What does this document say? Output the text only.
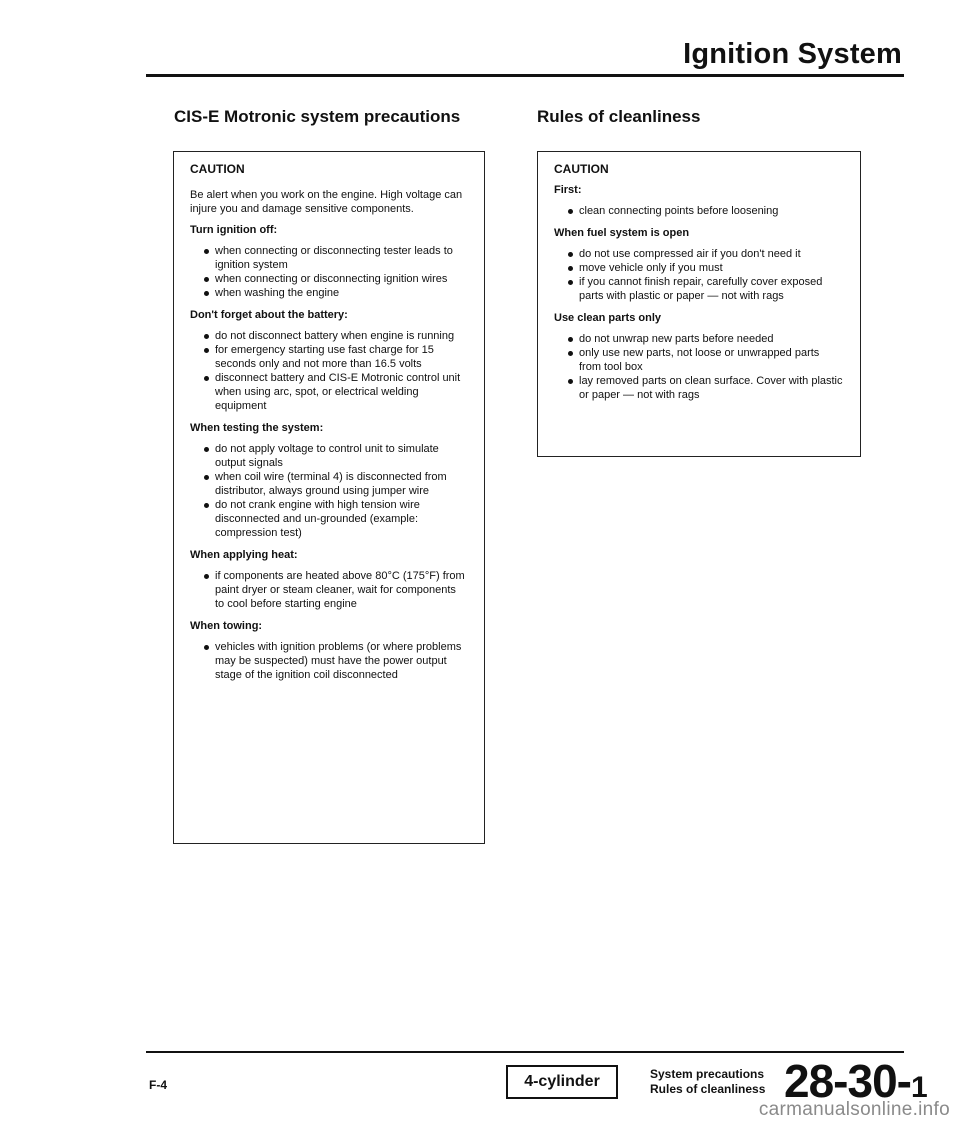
Ignition System
CIS-E Motronic system precautions	Rules of cleanliness
CAUTION

Be alert when you work on the engine. High voltage can injure you and damage sensitive components.

Turn ignition off:
when connecting or disconnecting tester leads to ignition system
when connecting or disconnecting ignition wires
when washing the engine
Don't forget about the battery:
do not disconnect battery when engine is running
for emergency starting use fast charge for 15 seconds only and not more than 16.5 volts
disconnect battery and CIS-E Motronic control unit when using arc, spot, or electrical welding equipment
When testing the system:
do not apply voltage to control unit to simulate output signals
when coil wire (terminal 4) is disconnected from distributor, always ground using jumper wire
do not crank engine with high tension wire disconnected and un-grounded (example: compression test)
When applying heat:
if components are heated above 80°C (175°F) from paint dryer or steam cleaner, wait for components to cool before starting engine
When towing:
vehicles with ignition problems (or where problems may be suspected) must have the power output stage of the ignition coil disconnected
CAUTION
First:
clean connecting points before loosening
When fuel system is open
do not use compressed air if you don't need it
move vehicle only if you must
if you cannot finish repair, carefully cover exposed parts with plastic or paper — not with rags
Use clean parts only
do not unwrap new parts before needed
only use new parts, not loose or unwrapped parts from tool box
lay removed parts on clean surface. Cover with plastic or paper — not with rags
F-4	4-cylinder	System precautions
Rules of cleanliness 28-30-1
carmanualsonline.info
